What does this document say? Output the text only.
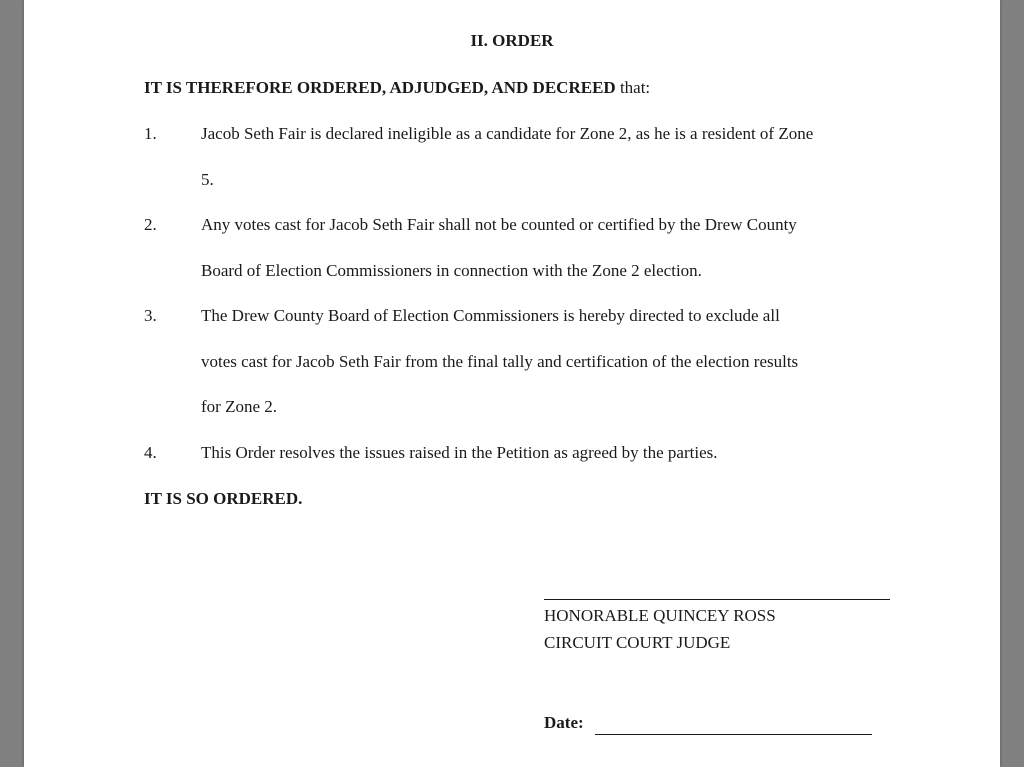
II. ORDER
IT IS THEREFORE ORDERED, ADJUDGED, AND DECREED that:
1.	Jacob Seth Fair is declared ineligible as a candidate for Zone 2, as he is a resident of Zone
5.
2.	Any votes cast for Jacob Seth Fair shall not be counted or certified by the Drew County
Board of Election Commissioners in connection with the Zone 2 election.
3.	The Drew County Board of Election Commissioners is hereby directed to exclude all
votes cast for Jacob Seth Fair from the final tally and certification of the election results
for Zone 2.
4.	This Order resolves the issues raised in the Petition as agreed by the parties.
IT IS SO ORDERED.
HONORABLE QUINCEY ROSS
CIRCUIT COURT JUDGE
Date:
